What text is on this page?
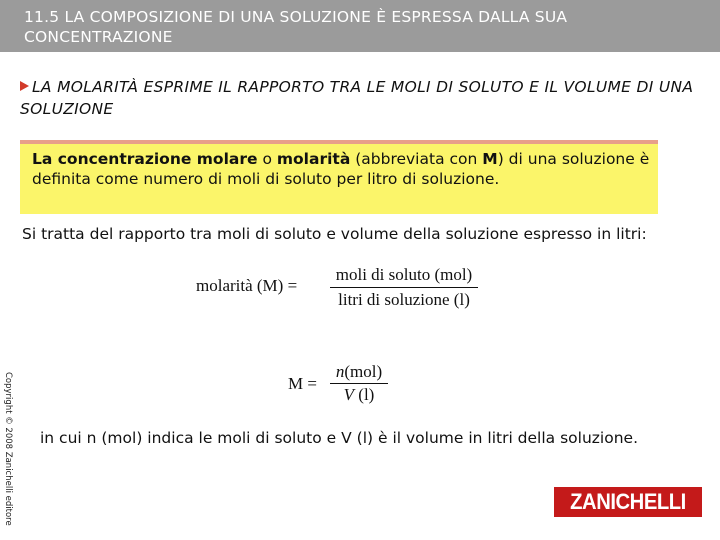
11.5 LA COMPOSIZIONE DI UNA SOLUZIONE È ESPRESSA DALLA SUA CONCENTRAZIONE
LA MOLARITÀ ESPRIME IL RAPPORTO TRA LE MOLI DI SOLUTO E IL VOLUME DI UNA SOLUZIONE
La concentrazione molare o molarità (abbreviata con M) di una soluzione è definita come numero di moli di soluto per litro di soluzione.
Si tratta del rapporto tra moli di soluto e volume della soluzione espresso in litri:
molarità (M) =
moli di soluto (mol)
litri di soluzione (l)
M =
n(mol)
V (l)
in cui n (mol) indica le moli di soluto e V (l) è il volume in litri della soluzione.
Copyright © 2008 Zanichelli editore	ZANICHELLI
